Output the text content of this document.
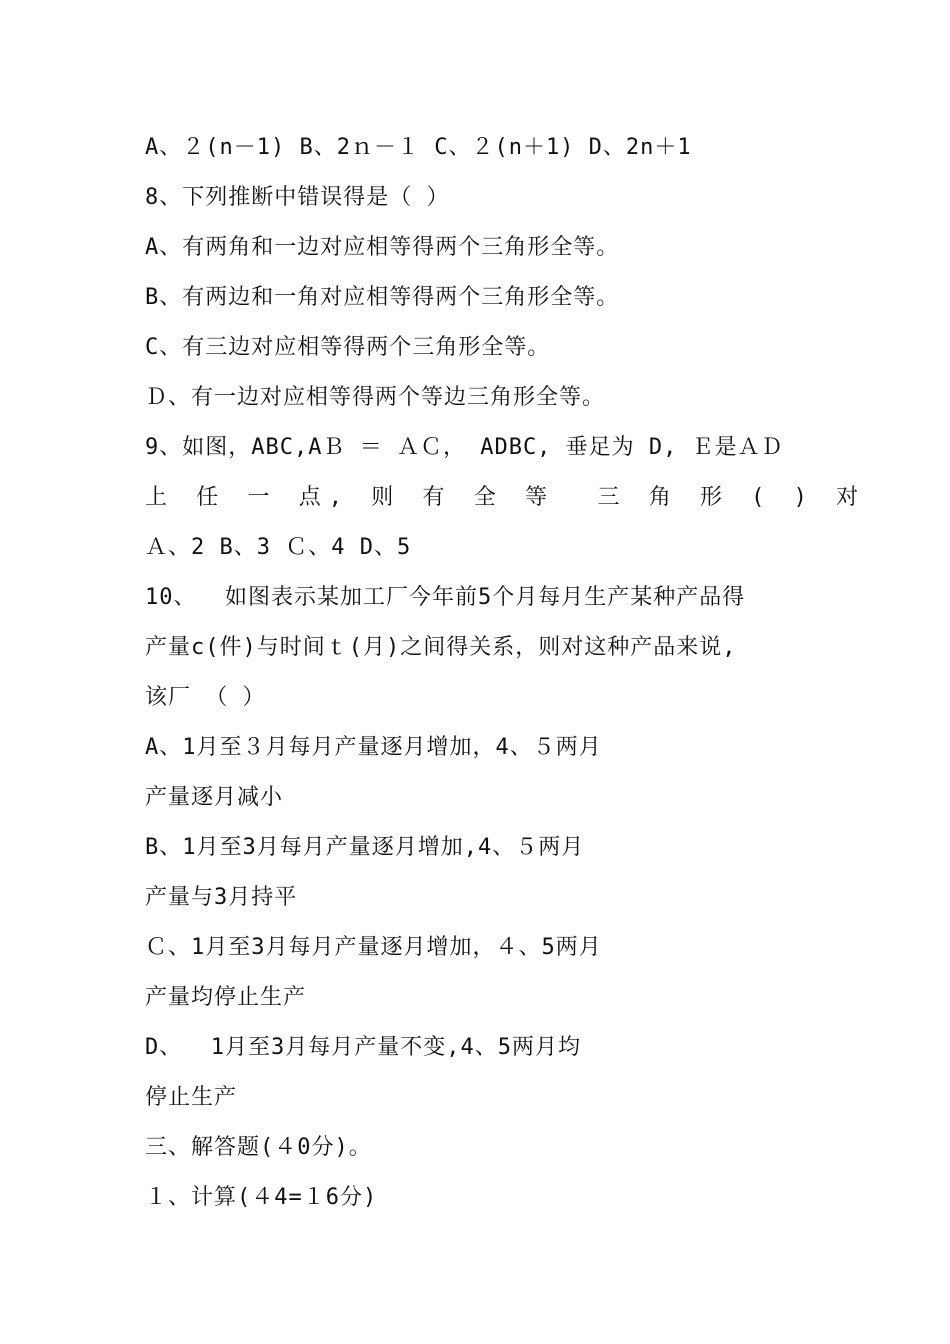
A、２(n－1) B、2ｎ－１ C、２(n＋1) D、2n＋1
8、下列推断中错误得是（ ）
A、有两角和一边对应相等得两个三角形全等。
B、有两边和一角对应相等得两个三角形全等。
C、有三边对应相等得两个三角形全等。
Ｄ、有一边对应相等得两个等边三角形全等。
9、如图，ABC,AＢ ＝ ＡＣ， ADBC, 垂足为 D, Ｅ是ＡＤ
上 任 一 点, 则 有 全 等  三 角 形 ( ) 对
Ａ、2 B、3 Ｃ、4 D、5
10、  如图表示某加工厂今年前5个月每月生产某种产品得
产量c(件)与时间ｔ(月)之间得关系，则对这种产品来说,
该厂 （ ）
A、1月至３月每月产量逐月增加，4、５两月
产量逐月减小
B、1月至3月每月产量逐月增加,4、５两月
产量与3月持平
Ｃ、1月至3月每月产量逐月增加，４、5两月
产量均停止生产
D、  1月至3月每月产量不变,4、5两月均
停止生产
三、解答题(４0分)。
１、计算(４4=１6分)
